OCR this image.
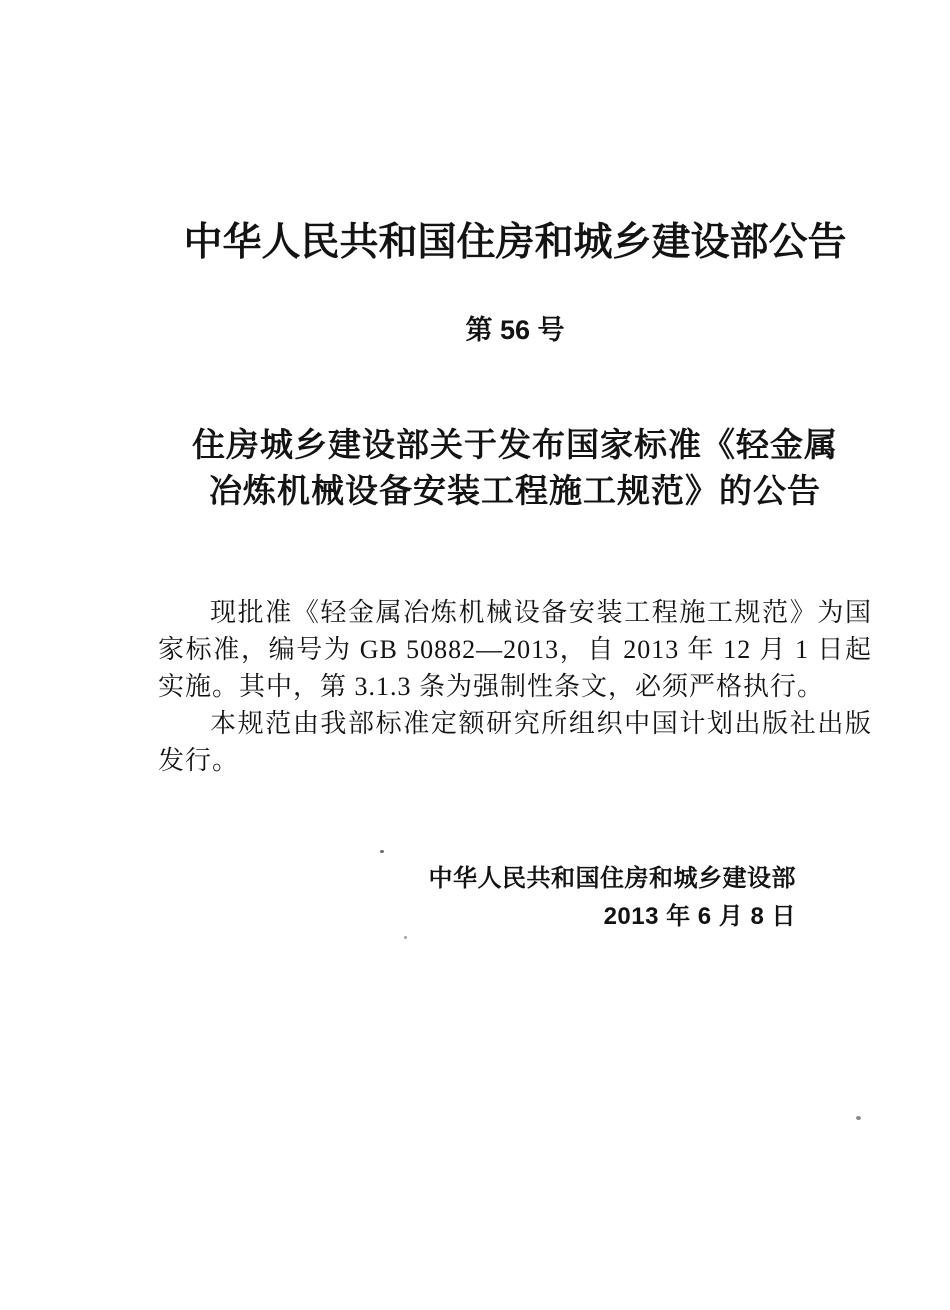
中华人民共和国住房和城乡建设部公告
第 56 号
住房城乡建设部关于发布国家标准《轻金属
冶炼机械设备安装工程施工规范》的公告

现批准《轻金属冶炼机械设备安装工程施工规范》为国家标准，编号为 GB 50882—2013，自 2013 年 12 月 1 日起实施。其中，第 3.1.3 条为强制性条文，必须严格执行。

本规范由我部标准定额研究所组织中国计划出版社出版发行。

中华人民共和国住房和城乡建设部
2013 年 6 月 8 日
